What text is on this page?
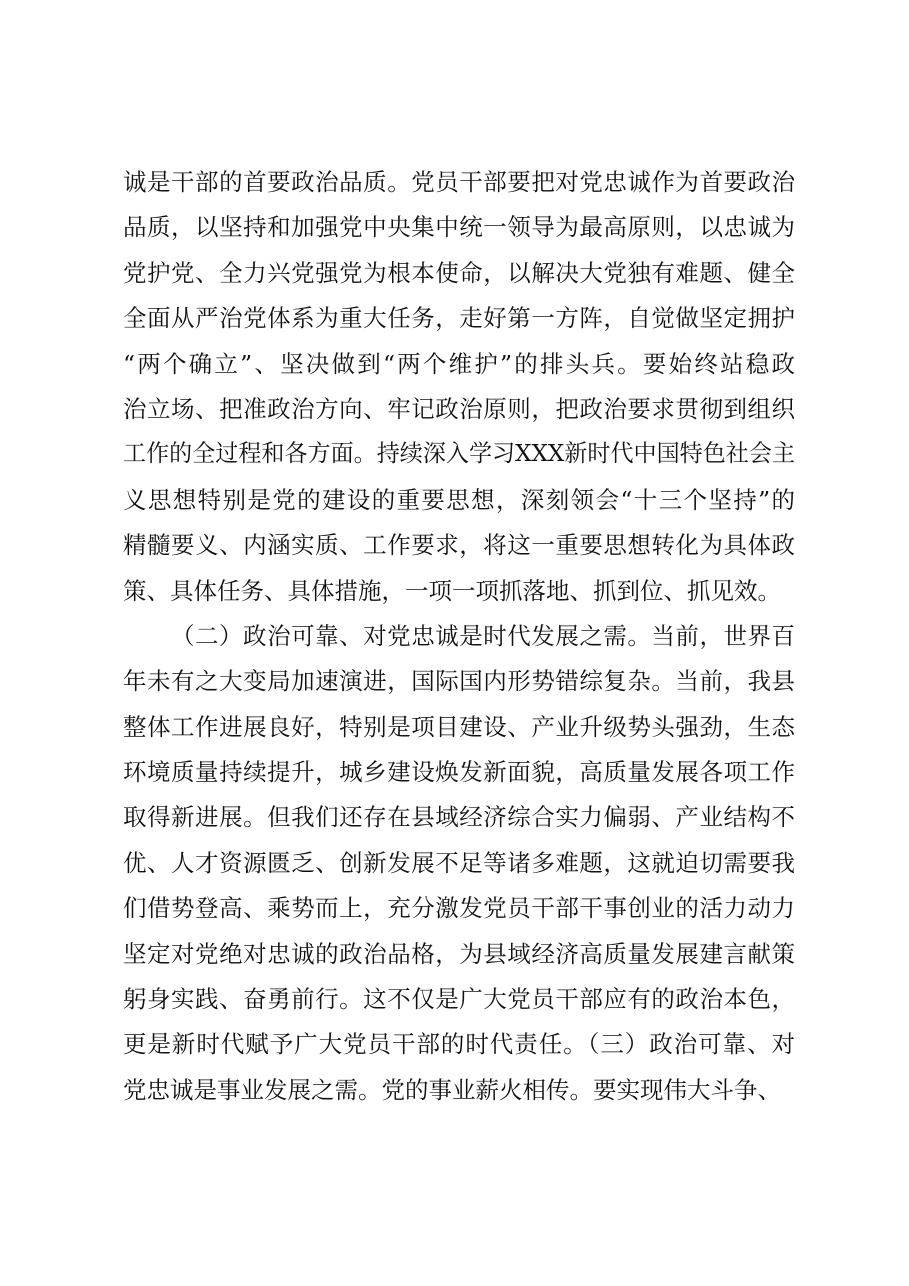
诚是干部的首要政治品质。党员干部要把对党忠诚作为首要政治
品质，以坚持和加强党中央集中统一领导为最高原则，以忠诚为
党护党、全力兴党强党为根本使命，以解决大党独有难题、健全
全面从严治党体系为重大任务，走好第一方阵，自觉做坚定拥护
“两个确立”、坚决做到“两个维护”的排头兵。要始终站稳政
治立场、把准政治方向、牢记政治原则，把政治要求贯彻到组织
工作的全过程和各方面。持续深入学习XXX新时代中国特色社会主
义思想特别是党的建设的重要思想，深刻领会“十三个坚持”的
精髓要义、内涵实质、工作要求，将这一重要思想转化为具体政
策、具体任务、具体措施，一项一项抓落地、抓到位、抓见效。
（二）政治可靠、对党忠诚是时代发展之需。当前，世界百
年未有之大变局加速演进，国际国内形势错综复杂。当前，我县
整体工作进展良好，特别是项目建设、产业升级势头强劲，生态
环境质量持续提升，城乡建设焕发新面貌，高质量发展各项工作
取得新进展。但我们还存在县域经济综合实力偏弱、产业结构不
优、人才资源匮乏、创新发展不足等诸多难题，这就迫切需要我
们借势登高、乘势而上，充分激发党员干部干事创业的活力动力
坚定对党绝对忠诚的政治品格，为县域经济高质量发展建言献策
躬身实践、奋勇前行。这不仅是广大党员干部应有的政治本色，
更是新时代赋予广大党员干部的时代责任。（三）政治可靠、对
党忠诚是事业发展之需。党的事业薪火相传。要实现伟大斗争、
